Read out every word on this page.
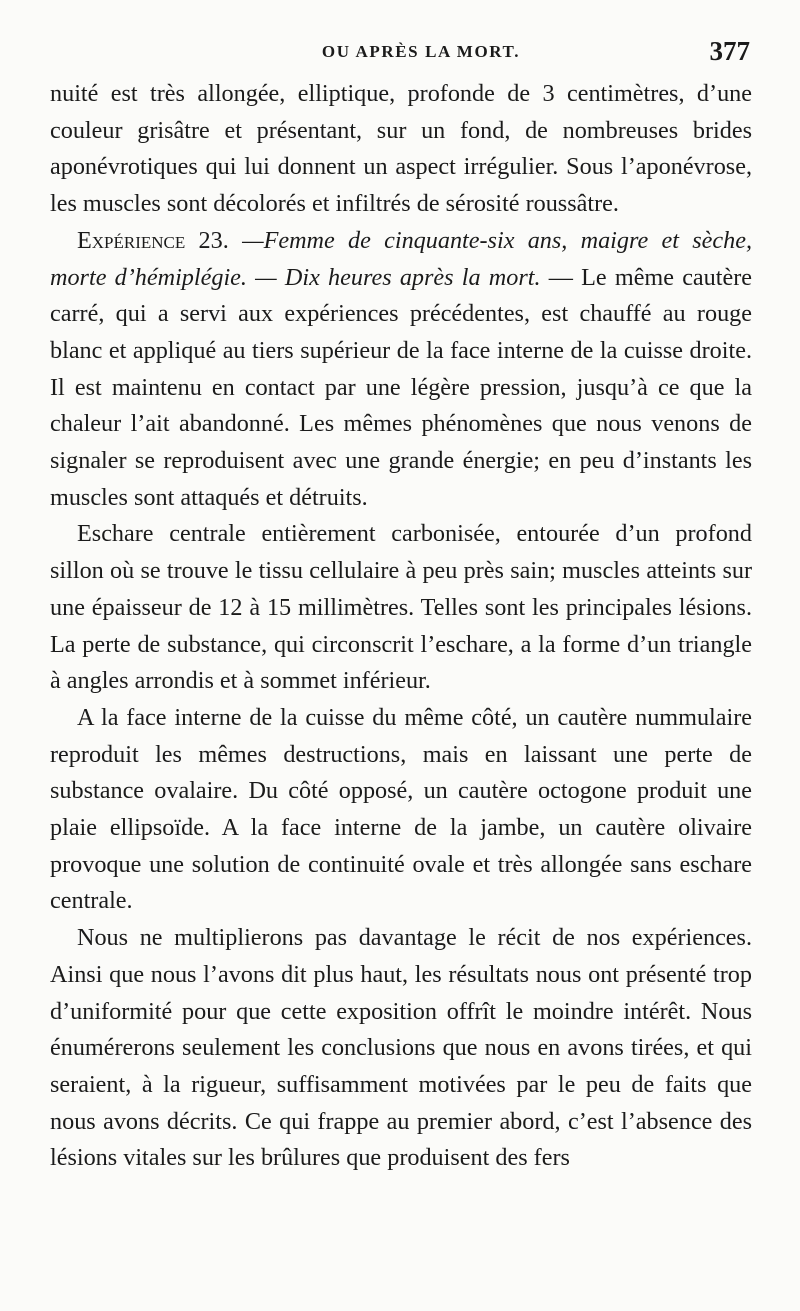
OU APRÈS LA MORT.	377

nuité est très allongée, elliptique, profonde de 3 centimètres, d’une couleur grisâtre et présentant, sur un fond, de nombreuses brides aponévrotiques qui lui donnent un aspect irrégulier. Sous l’aponévrose, les muscles sont décolorés et infiltrés de sérosité roussâtre.

Expérience 23. —Femme de cinquante-six ans, maigre et sèche, morte d’hémiplégie. — Dix heures après la mort. — Le même cautère carré, qui a servi aux expériences précédentes, est chauffé au rouge blanc et appliqué au tiers supérieur de la face interne de la cuisse droite. Il est maintenu en contact par une légère pression, jusqu’à ce que la chaleur l’ait abandonné. Les mêmes phénomènes que nous venons de signaler se reproduisent avec une grande énergie; en peu d’instants les muscles sont attaqués et détruits.

Eschare centrale entièrement carbonisée, entourée d’un profond sillon où se trouve le tissu cellulaire à peu près sain; muscles atteints sur une épaisseur de 12 à 15 millimètres. Telles sont les principales lésions. La perte de substance, qui circonscrit l’eschare, a la forme d’un triangle à angles arrondis et à sommet inférieur.

A la face interne de la cuisse du même côté, un cautère nummulaire reproduit les mêmes destructions, mais en laissant une perte de substance ovalaire. Du côté opposé, un cautère octogone produit une plaie ellipsoïde. A la face interne de la jambe, un cautère olivaire provoque une solution de continuité ovale et très allongée sans eschare centrale.

Nous ne multiplierons pas davantage le récit de nos expériences. Ainsi que nous l’avons dit plus haut, les résultats nous ont présenté trop d’uniformité pour que cette exposition offrît le moindre intérêt. Nous énumérerons seulement les conclusions que nous en avons tirées, et qui seraient, à la rigueur, suffisamment motivées par le peu de faits que nous avons décrits. Ce qui frappe au premier abord, c’est l’absence des lésions vitales sur les brûlures que produisent des fers
